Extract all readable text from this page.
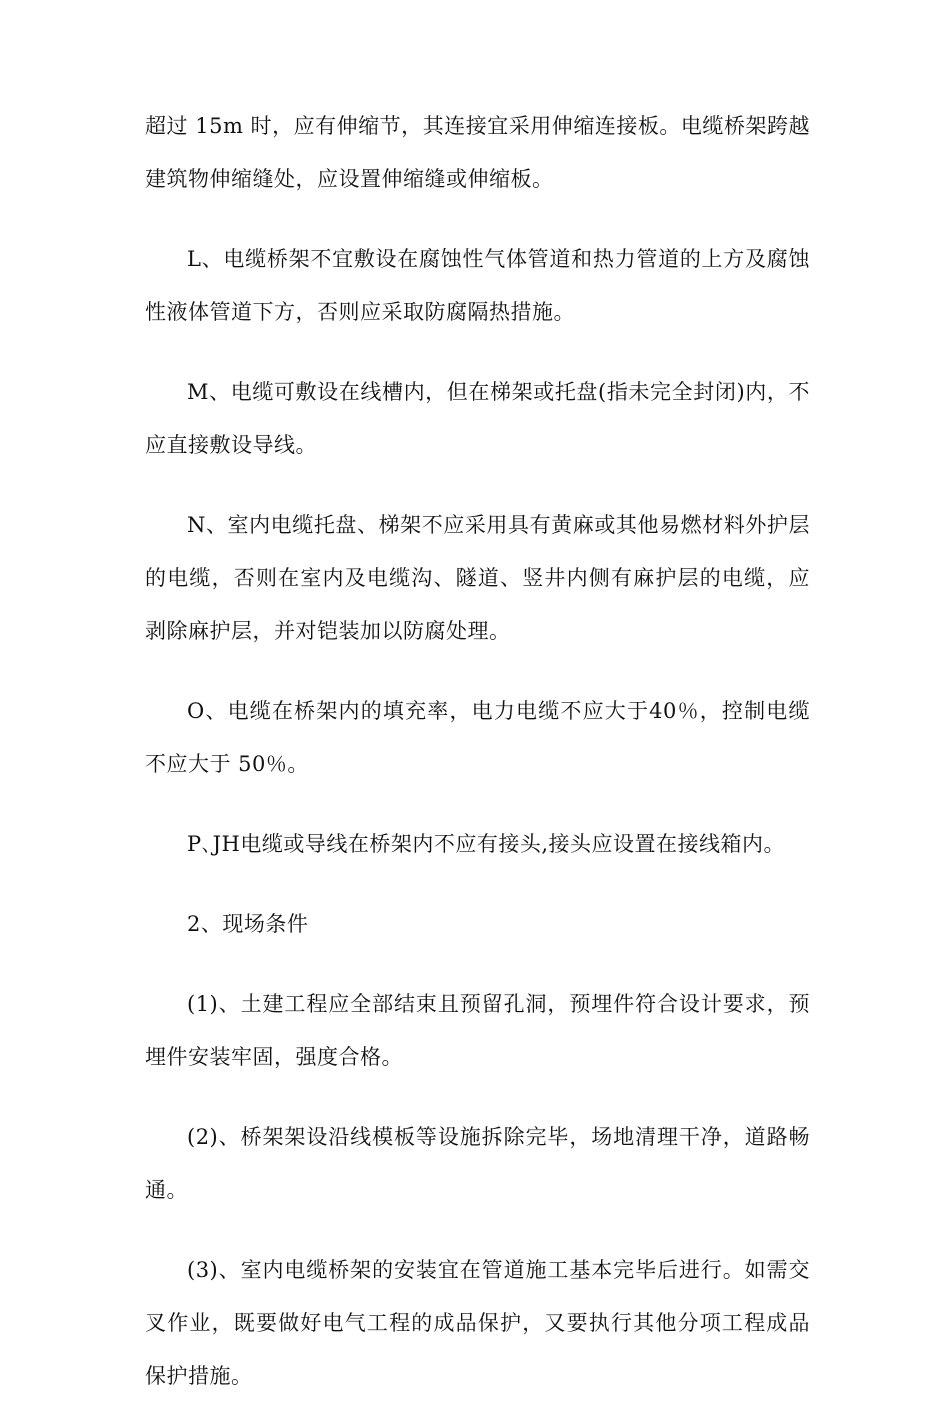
超过 15m 时，应有伸缩节，其连接宜采用伸缩连接板。电缆桥架跨越建筑物伸缩缝处，应设置伸缩缝或伸缩板。

L、电缆桥架不宜敷设在腐蚀性气体管道和热力管道的上方及腐蚀性液体管道下方，否则应采取防腐隔热措施。

M、电缆可敷设在线槽内，但在梯架或托盘(指未完全封闭)内，不应直接敷设导线。

N、室内电缆托盘、梯架不应采用具有黄麻或其他易燃材料外护层的电缆，否则在室内及电缆沟、隧道、竖井内侧有麻护层的电缆，应剥除麻护层，并对铠装加以防腐处理。

O、电缆在桥架内的填充率，电力电缆不应大于40％，控制电缆不应大于 50％。

P､JH电缆或导线在桥架内不应有接头,接头应设置在接线箱内。

2、现场条件

(1)、土建工程应全部结束且预留孔洞，预埋件符合设计要求，预埋件安装牢固，强度合格。

(2)、桥架架设沿线模板等设施拆除完毕，场地清理干净，道路畅通。

(3)、室内电缆桥架的安装宜在管道施工基本完毕后进行。如需交叉作业，既要做好电气工程的成品保护，又要执行其他分项工程成品保护措施。
